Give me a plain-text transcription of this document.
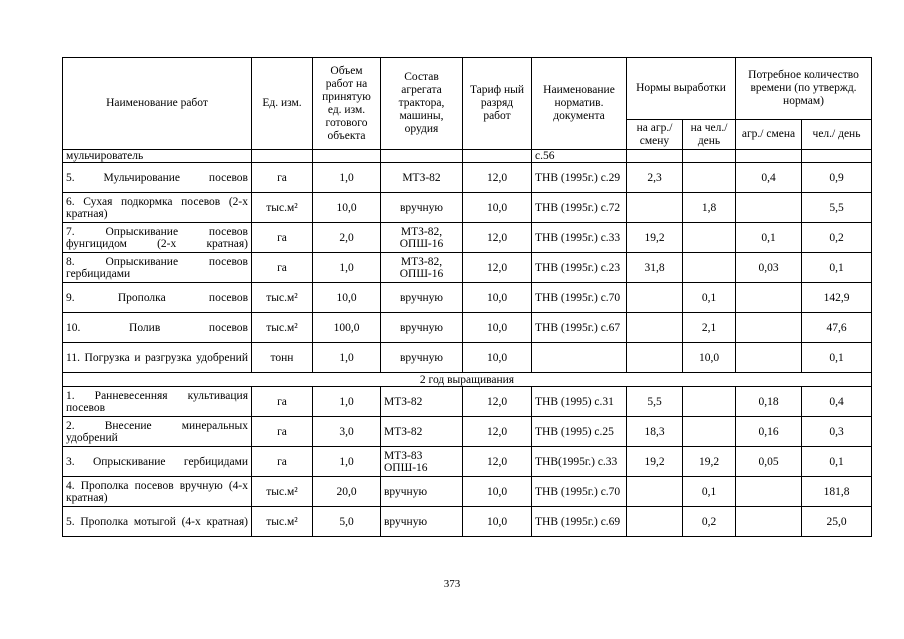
Наименование работ	Ед. изм.	Объем работ на принятую ед. изм. готового объекта	Состав агрегата трактора, машины, орудия	Тариф ный разряд работ	Наименование норматив. документа	Нормы выработки		Потребное количество времени (по утвержд. нормам)	
						на агр./ смену	на чел./ день	агр./ смена	чел./ день
мульчирователь					с.56				
5. Мульчирование посевов	га	1,0	МТЗ-82	12,0	ТНВ (1995г.) с.29	2,3		0,4	0,9
6. Сухая подкормка посевов (2-х кратная)	тыс.м²	10,0	вручную	10,0	ТНВ (1995г.) с.72		1,8		5,5
7. Опрыскивание посевов фунгицидом (2-х кратная)	га	2,0	МТЗ-82, ОПШ-16	12,0	ТНВ (1995г.) с.33	19,2		0,1	0,2
8. Опрыскивание посевов гербицидами	га	1,0	МТЗ-82, ОПШ-16	12,0	ТНВ (1995г.) с.23	31,8		0,03	0,1
9. Прополка посевов	тыс.м²	10,0	вручную	10,0	ТНВ (1995г.) с.70		0,1		142,9
10. Полив посевов	тыс.м²	100,0	вручную	10,0	ТНВ (1995г.) с.67		2,1		47,6
11. Погрузка и разгрузка удобрений	тонн	1,0	вручную	10,0			10,0		0,1
2 год выращивания									
1. Ранневесенняя культивация посевов	га	1,0	МТЗ-82	12,0	ТНВ (1995) с.31	5,5		0,18	0,4
2. Внесение минеральных удобрений	га	3,0	МТЗ-82	12,0	ТНВ (1995) с.25	18,3		0,16	0,3
3. Опрыскивание гербицидами	га	1,0	МТЗ-83 ОПШ-16	12,0	ТНВ(1995г.) с.33	19,2	19,2	0,05	0,1
4. Прополка посевов вручную (4-х кратная)	тыс.м²	20,0	вручную	10,0	ТНВ (1995г.) с.70		0,1		181,8
5. Прополка мотыгой (4-х кратная)	тыс.м²	5,0	вручную	10,0	ТНВ (1995г.) с.69		0,2		25,0
373
